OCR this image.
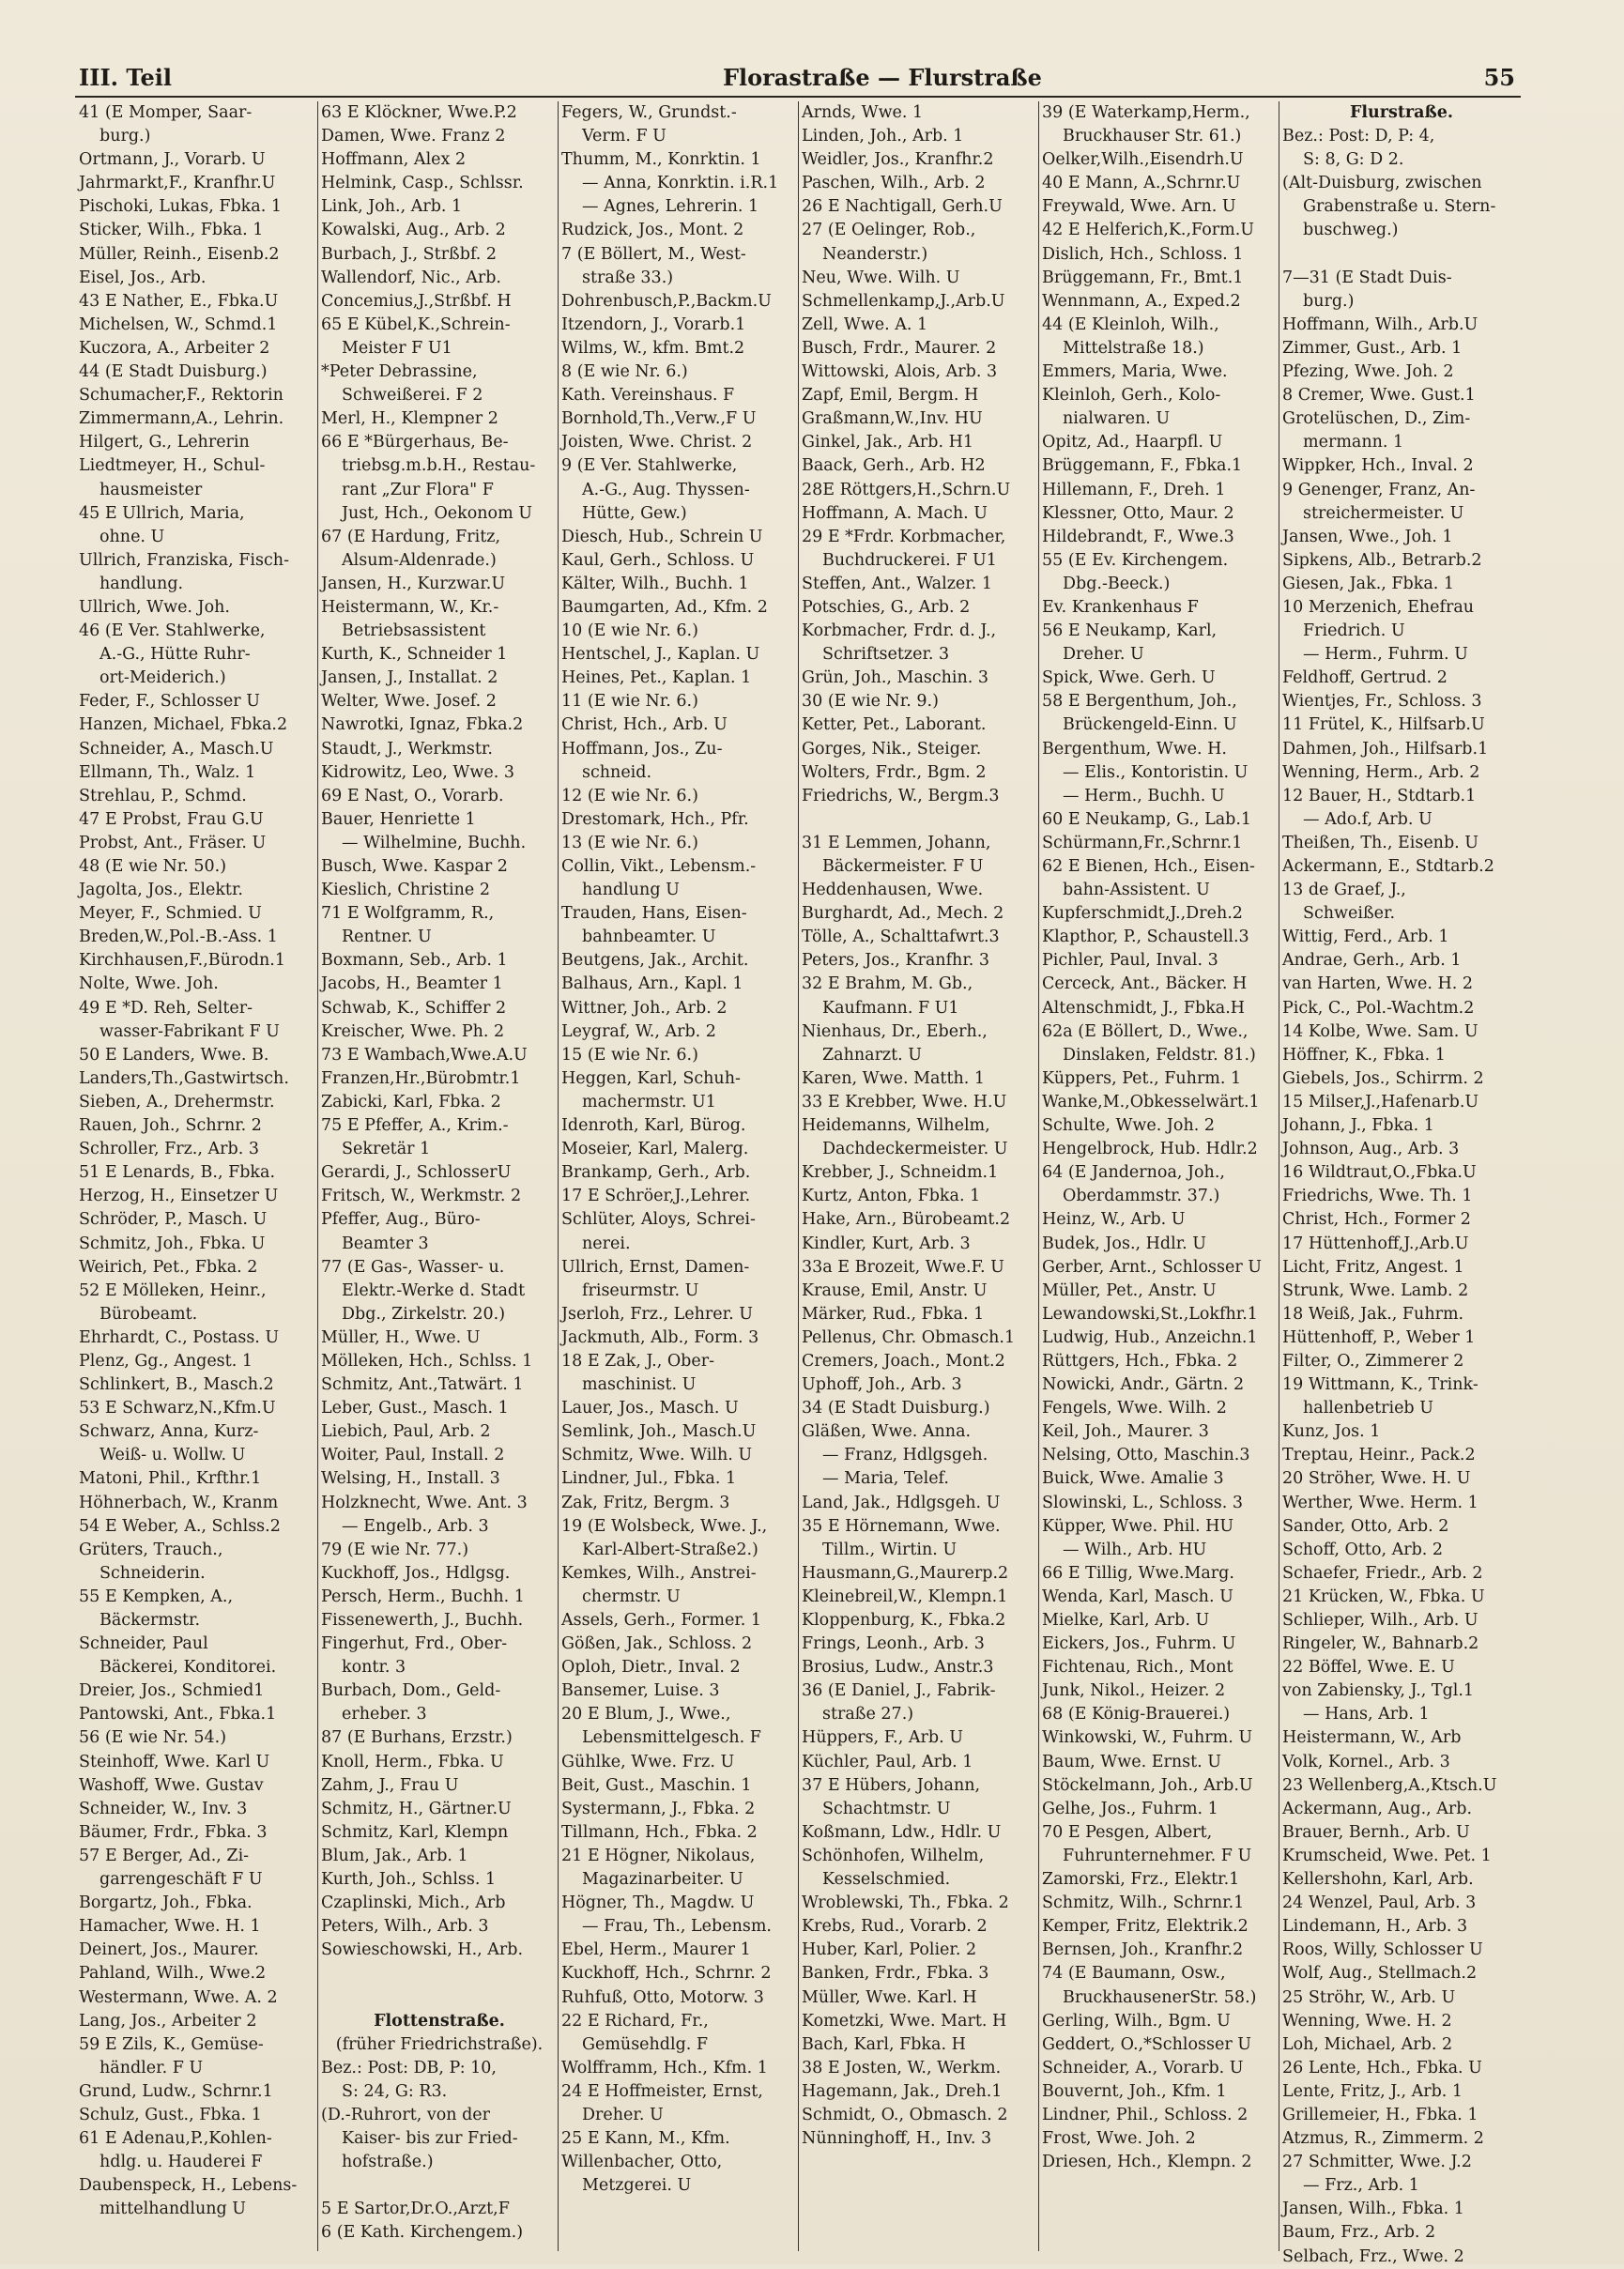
III. Teil	Florastraße — Flurstraße	55
41 (E Momper, Saar-
burg.)
Ortmann, J., Vorarb. U
Jahrmarkt,F., Kranfhr.U
Pischoki, Lukas, Fbka. 1
Sticker, Wilh., Fbka. 1
Müller, Reinh., Eisenb.2
Eisel, Jos., Arb.
43 E Nather, E., Fbka.U
Michelsen, W., Schmd.1
Kuczora, A., Arbeiter 2
44 (E Stadt Duisburg.)
Schumacher,F., Rektorin
Zimmermann,A., Lehrin.
Hilgert, G., Lehrerin
Liedtmeyer, H., Schul-
hausmeister
45 E Ullrich, Maria,
ohne. U
Ullrich, Franziska, Fisch-
handlung.
Ullrich, Wwe. Joh.
46 (E Ver. Stahlwerke,
A.-G., Hütte Ruhr-
ort-Meiderich.)
Feder, F., Schlosser U
Hanzen, Michael, Fbka.2
Schneider, A., Masch.U
Ellmann, Th., Walz. 1
Strehlau, P., Schmd.
47 E Probst, Frau G.U
Probst, Ant., Fräser. U
48 (E wie Nr. 50.)
Jagolta, Jos., Elektr.
Meyer, F., Schmied. U
Breden,W.,Pol.-B.-Ass. 1
Kirchhausen,F.,Bürodn.1
Nolte, Wwe. Joh.
49 E *D. Reh, Selter-
wasser-Fabrikant F U
50 E Landers, Wwe. B.
Landers,Th.,Gastwirtsch.
Sieben, A., Drehermstr.
Rauen, Joh., Schrnr. 2
Schroller, Frz., Arb. 3
51 E Lenards, B., Fbka.
Herzog, H., Einsetzer U
Schröder, P., Masch. U
Schmitz, Joh., Fbka. U
Weirich, Pet., Fbka. 2
52 E Mölleken, Heinr.,
Bürobeamt.
Ehrhardt, C., Postass. U
Plenz, Gg., Angest. 1
Schlinkert, B., Masch.2
53 E Schwarz,N.,Kfm.U
Schwarz, Anna, Kurz-
Weiß- u. Wollw. U
Matoni, Phil., Krfthr.1
Höhnerbach, W., Kranm
54 E Weber, A., Schlss.2
Grüters, Trauch.,
Schneiderin.
55 E Kempken, A.,
Bäckermstr.
Schneider, Paul
Bäckerei, Konditorei.
Dreier, Jos., Schmied1
Pantowski, Ant., Fbka.1
56 (E wie Nr. 54.)
Steinhoff, Wwe. Karl U
Washoff, Wwe. Gustav
Schneider, W., Inv. 3
Bäumer, Frdr., Fbka. 3
57 E Berger, Ad., Zi-
garrengeschäft F U
Borgartz, Joh., Fbka.
Hamacher, Wwe. H. 1
Deinert, Jos., Maurer.
Pahland, Wilh., Wwe.2
Westermann, Wwe. A. 2
Lang, Jos., Arbeiter 2
59 E Zils, K., Gemüse-
händler. F U
Grund, Ludw., Schrnr.1
Schulz, Gust., Fbka. 1
61 E Adenau,P.,Kohlen-
hdlg. u. Hauderei F
Daubenspeck, H., Lebens-
mittelhandlung U
63 E Klöckner, Wwe.P.2
Damen, Wwe. Franz 2
Hoffmann, Alex 2
Helmink, Casp., Schlssr.
Link, Joh., Arb. 1
Kowalski, Aug., Arb. 2
Burbach, J., Strßbf. 2
Wallendorf, Nic., Arb.
Concemius,J.,Strßbf. H
65 E Kübel,K.,Schrein-
Meister F U1
*Peter Debrassine,
Schweißerei. F 2
Merl, H., Klempner 2
66 E *Bürgerhaus, Be-
triebsg.m.b.H., Restau-
rant „Zur Flora" F
Just, Hch., Oekonom U
67 (E Hardung, Fritz,
Alsum-Aldenrade.)
Jansen, H., Kurzwar.U
Heistermann, W., Kr.-
Betriebsassistent
Kurth, K., Schneider 1
Jansen, J., Installat. 2
Welter, Wwe. Josef. 2
Nawrotki, Ignaz, Fbka.2
Staudt, J., Werkmstr.
Kidrowitz, Leo, Wwe. 3
69 E Nast, O., Vorarb.
Bauer, Henriette 1
— Wilhelmine, Buchh.
Busch, Wwe. Kaspar 2
Kieslich, Christine 2
71 E Wolfgramm, R.,
Rentner. U
Boxmann, Seb., Arb. 1
Jacobs, H., Beamter 1
Schwab, K., Schiffer 2
Kreischer, Wwe. Ph. 2
73 E Wambach,Wwe.A.U
Franzen,Hr.,Bürobmtr.1
Zabicki, Karl, Fbka. 2
75 E Pfeffer, A., Krim.-
Sekretär 1
Gerardi, J., SchlosserU
Fritsch, W., Werkmstr. 2
Pfeffer, Aug., Büro-
Beamter 3
77 (E Gas-, Wasser- u.
Elektr.-Werke d. Stadt
Dbg., Zirkelstr. 20.)
Müller, H., Wwe. U
Mölleken, Hch., Schlss. 1
Schmitz, Ant.,Tatwärt. 1
Leber, Gust., Masch. 1
Liebich, Paul, Arb. 2
Woiter, Paul, Install. 2
Welsing, H., Install. 3
Holzknecht, Wwe. Ant. 3
— Engelb., Arb. 3
79 (E wie Nr. 77.)
Kuckhoff, Jos., Hdlgsg.
Persch, Herm., Buchh. 1
Fissenewerth, J., Buchh.
Fingerhut, Frd., Ober-
kontr. 3
Burbach, Dom., Geld-
erheber. 3
87 (E Burhans, Erzstr.)
Knoll, Herm., Fbka. U
Zahm, J., Frau U
Schmitz, H., Gärtner.U
Schmitz, Karl, Klempn
Blum, Jak., Arb. 1
Kurth, Joh., Schlss. 1
Czaplinski, Mich., Arb
Peters, Wilh., Arb. 3
Sowieschowski, H., Arb.
Flottenstraße.
(früher Friedrichstraße).
Bez.: Post: DB, P: 10,
S: 24, G: R3.
(D.-Ruhrort, von der
Kaiser- bis zur Fried-
hofstraße.)
5 E Sartor,Dr.O.,Arzt,F
6 (E Kath. Kirchengem.)
Fegers, W., Grundst.-
Verm. F U
Thumm, M., Konrktin. 1
— Anna, Konrktin. i.R.1
— Agnes, Lehrerin. 1
Rudzick, Jos., Mont. 2
7 (E Böllert, M., West-
straße 33.)
Dohrenbusch,P.,Backm.U
Itzendorn, J., Vorarb.1
Wilms, W., kfm. Bmt.2
8 (E wie Nr. 6.)
Kath. Vereinshaus. F
Bornhold,Th.,Verw.,F U
Joisten, Wwe. Christ. 2
9 (E Ver. Stahlwerke,
A.-G., Aug. Thyssen-
Hütte, Gew.)
Diesch, Hub., Schrein U
Kaul, Gerh., Schloss. U
Kälter, Wilh., Buchh. 1
Baumgarten, Ad., Kfm. 2
10 (E wie Nr. 6.)
Hentschel, J., Kaplan. U
Heines, Pet., Kaplan. 1
11 (E wie Nr. 6.)
Christ, Hch., Arb. U
Hoffmann, Jos., Zu-
schneid.
12 (E wie Nr. 6.)
Drestomark, Hch., Pfr.
13 (E wie Nr. 6.)
Collin, Vikt., Lebensm.-
handlung U
Trauden, Hans, Eisen-
bahnbeamter. U
Beutgens, Jak., Archit.
Balhaus, Arn., Kapl. 1
Wittner, Joh., Arb. 2
Leygraf, W., Arb. 2
15 (E wie Nr. 6.)
Heggen, Karl, Schuh-
machermstr. U1
Idenroth, Karl, Bürog.
Moseier, Karl, Malerg.
Brankamp, Gerh., Arb.
17 E Schröer,J.,Lehrer.
Schlüter, Aloys, Schrei-
nerei.
Ullrich, Ernst, Damen-
friseurmstr. U
Jserloh, Frz., Lehrer. U
Jackmuth, Alb., Form. 3
18 E Zak, J., Ober-
maschinist. U
Lauer, Jos., Masch. U
Semlink, Joh., Masch.U
Schmitz, Wwe. Wilh. U
Lindner, Jul., Fbka. 1
Zak, Fritz, Bergm. 3
19 (E Wolsbeck, Wwe. J.,
Karl-Albert-Straße2.)
Kemkes, Wilh., Anstrei-
chermstr. U
Assels, Gerh., Former. 1
Gößen, Jak., Schloss. 2
Oploh, Dietr., Inval. 2
Bansemer, Luise. 3
20 E Blum, J., Wwe.,
Lebensmittelgesch. F
Gühlke, Wwe. Frz. U
Beit, Gust., Maschin. 1
Systermann, J., Fbka. 2
Tillmann, Hch., Fbka. 2
21 E Högner, Nikolaus,
Magazinarbeiter. U
Högner, Th., Magdw. U
— Frau, Th., Lebensm.
Ebel, Herm., Maurer 1
Kuckhoff, Hch., Schrnr. 2
Ruhfuß, Otto, Motorw. 3
22 E Richard, Fr.,
Gemüsehdlg. F
Wolfframm, Hch., Kfm. 1
24 E Hoffmeister, Ernst,
Dreher. U
25 E Kann, M., Kfm.
Willenbacher, Otto,
Metzgerei. U
Arnds, Wwe. 1
Linden, Joh., Arb. 1
Weidler, Jos., Kranfhr.2
Paschen, Wilh., Arb. 2
26 E Nachtigall, Gerh.U
27 (E Oelinger, Rob.,
Neanderstr.)
Neu, Wwe. Wilh. U
Schmellenkamp,J.,Arb.U
Zell, Wwe. A. 1
Busch, Frdr., Maurer. 2
Wittowski, Alois, Arb. 3
Zapf, Emil, Bergm. H
Graßmann,W.,Inv. HU
Ginkel, Jak., Arb. H1
Baack, Gerh., Arb. H2
28E Röttgers,H.,Schrn.U
Hoffmann, A. Mach. U
29 E *Frdr. Korbmacher,
Buchdruckerei. F U1
Steffen, Ant., Walzer. 1
Potschies, G., Arb. 2
Korbmacher, Frdr. d. J.,
Schriftsetzer. 3
Grün, Joh., Maschin. 3
30 (E wie Nr. 9.)
Ketter, Pet., Laborant.
Gorges, Nik., Steiger.
Wolters, Frdr., Bgm. 2
Friedrichs, W., Bergm.3
31 E Lemmen, Johann,
Bäckermeister. F U
Heddenhausen, Wwe.
Burghardt, Ad., Mech. 2
Tölle, A., Schalttafwrt.3
Peters, Jos., Kranfhr. 3
32 E Brahm, M. Gb.,
Kaufmann. F U1
Nienhaus, Dr., Eberh.,
Zahnarzt. U
Karen, Wwe. Matth. 1
33 E Krebber, Wwe. H.U
Heidemanns, Wilhelm,
Dachdeckermeister. U
Krebber, J., Schneidm.1
Kurtz, Anton, Fbka. 1
Hake, Arn., Bürobeamt.2
Kindler, Kurt, Arb. 3
33a E Brozeit, Wwe.F. U
Krause, Emil, Anstr. U
Märker, Rud., Fbka. 1
Pellenus, Chr. Obmasch.1
Cremers, Joach., Mont.2
Uphoff, Joh., Arb. 3
34 (E Stadt Duisburg.)
Gläßen, Wwe. Anna.
— Franz, Hdlgsgeh.
— Maria, Telef.
Land, Jak., Hdlgsgeh. U
35 E Hörnemann, Wwe.
Tillm., Wirtin. U
Hausmann,G.,Maurerp.2
Kleinebreil,W., Klempn.1
Kloppenburg, K., Fbka.2
Frings, Leonh., Arb. 3
Brosius, Ludw., Anstr.3
36 (E Daniel, J., Fabrik-
straße 27.)
Hüppers, F., Arb. U
Küchler, Paul, Arb. 1
37 E Hübers, Johann,
Schachtmstr. U
Koßmann, Ldw., Hdlr. U
Schönhofen, Wilhelm,
Kesselschmied.
Wroblewski, Th., Fbka. 2
Krebs, Rud., Vorarb. 2
Huber, Karl, Polier. 2
Banken, Frdr., Fbka. 3
Müller, Wwe. Karl. H
Kometzki, Wwe. Mart. H
Bach, Karl, Fbka. H
38 E Josten, W., Werkm.
Hagemann, Jak., Dreh.1
Schmidt, O., Obmasch. 2
Nünninghoff, H., Inv. 3
39 (E Waterkamp,Herm.,
Bruckhauser Str. 61.)
Oelker,Wilh.,Eisendrh.U
40 E Mann, A.,Schrnr.U
Freywald, Wwe. Arn. U
42 E Helferich,K.,Form.U
Dislich, Hch., Schloss. 1
Brüggemann, Fr., Bmt.1
Wennmann, A., Exped.2
44 (E Kleinloh, Wilh.,
Mittelstraße 18.)
Emmers, Maria, Wwe.
Kleinloh, Gerh., Kolo-
nialwaren. U
Opitz, Ad., Haarpfl. U
Brüggemann, F., Fbka.1
Hillemann, F., Dreh. 1
Klessner, Otto, Maur. 2
Hildebrandt, F., Wwe.3
55 (E Ev. Kirchengem.
Dbg.-Beeck.)
Ev. Krankenhaus F
56 E Neukamp, Karl,
Dreher. U
Spick, Wwe. Gerh. U
58 E Bergenthum, Joh.,
Brückengeld-Einn. U
Bergenthum, Wwe. H.
— Elis., Kontoristin. U
— Herm., Buchh. U
60 E Neukamp, G., Lab.1
Schürmann,Fr.,Schrnr.1
62 E Bienen, Hch., Eisen-
bahn-Assistent. U
Kupferschmidt,J.,Dreh.2
Klapthor, P., Schaustell.3
Pichler, Paul, Inval. 3
Cerceck, Ant., Bäcker. H
Altenschmidt, J., Fbka.H
62a (E Böllert, D., Wwe.,
Dinslaken, Feldstr. 81.)
Küppers, Pet., Fuhrm. 1
Wanke,M.,Obkesselwärt.1
Schulte, Wwe. Joh. 2
Hengelbrock, Hub. Hdlr.2
64 (E Jandernoa, Joh.,
Oberdammstr. 37.)
Heinz, W., Arb. U
Budek, Jos., Hdlr. U
Gerber, Arnt., Schlosser U
Müller, Pet., Anstr. U
Lewandowski,St.,Lokfhr.1
Ludwig, Hub., Anzeichn.1
Rüttgers, Hch., Fbka. 2
Nowicki, Andr., Gärtn. 2
Fengels, Wwe. Wilh. 2
Keil, Joh., Maurer. 3
Nelsing, Otto, Maschin.3
Buick, Wwe. Amalie 3
Slowinski, L., Schloss. 3
Küpper, Wwe. Phil. HU
— Wilh., Arb. HU
66 E Tillig, Wwe.Marg.
Wenda, Karl, Masch. U
Mielke, Karl, Arb. U
Eickers, Jos., Fuhrm. U
Fichtenau, Rich., Mont
Junk, Nikol., Heizer. 2
68 (E König-Brauerei.)
Winkowski, W., Fuhrm. U
Baum, Wwe. Ernst. U
Stöckelmann, Joh., Arb.U
Gelhe, Jos., Fuhrm. 1
70 E Pesgen, Albert,
Fuhrunternehmer. F U
Zamorski, Frz., Elektr.1
Schmitz, Wilh., Schrnr.1
Kemper, Fritz, Elektrik.2
Bernsen, Joh., Kranfhr.2
74 (E Baumann, Osw.,
BruckhausenerStr. 58.)
Gerling, Wilh., Bgm. U
Geddert, O.,*Schlosser U
Schneider, A., Vorarb. U
Bouvernt, Joh., Kfm. 1
Lindner, Phil., Schloss. 2
Frost, Wwe. Joh. 2
Driesen, Hch., Klempn. 2
Flurstraße.
Bez.: Post: D, P: 4,
S: 8, G: D 2.
(Alt-Duisburg, zwischen
Grabenstraße u. Stern-
buschweg.)
7—31 (E Stadt Duis-
burg.)
Hoffmann, Wilh., Arb.U
Zimmer, Gust., Arb. 1
Pfezing, Wwe. Joh. 2
8 Cremer, Wwe. Gust.1
Grotelüschen, D., Zim-
mermann. 1
Wippker, Hch., Inval. 2
9 Genenger, Franz, An-
streichermeister. U
Jansen, Wwe., Joh. 1
Sipkens, Alb., Betrarb.2
Giesen, Jak., Fbka. 1
10 Merzenich, Ehefrau
Friedrich. U
— Herm., Fuhrm. U
Feldhoff, Gertrud. 2
Wientjes, Fr., Schloss. 3
11 Frütel, K., Hilfsarb.U
Dahmen, Joh., Hilfsarb.1
Wenning, Herm., Arb. 2
12 Bauer, H., Stdtarb.1
— Ado.f, Arb. U
Theißen, Th., Eisenb. U
Ackermann, E., Stdtarb.2
13 de Graef, J.,
Schweißer.
Wittig, Ferd., Arb. 1
Andrae, Gerh., Arb. 1
van Harten, Wwe. H. 2
Pick, C., Pol.-Wachtm.2
14 Kolbe, Wwe. Sam. U
Höffner, K., Fbka. 1
Giebels, Jos., Schirrm. 2
15 Milser,J.,Hafenarb.U
Johann, J., Fbka. 1
Johnson, Aug., Arb. 3
16 Wildtraut,O.,Fbka.U
Friedrichs, Wwe. Th. 1
Christ, Hch., Former 2
17 Hüttenhoff,J.,Arb.U
Licht, Fritz, Angest. 1
Strunk, Wwe. Lamb. 2
18 Weiß, Jak., Fuhrm.
Hüttenhoff, P., Weber 1
Filter, O., Zimmerer 2
19 Wittmann, K., Trink-
hallenbetrieb U
Kunz, Jos. 1
Treptau, Heinr., Pack.2
20 Ströher, Wwe. H. U
Werther, Wwe. Herm. 1
Sander, Otto, Arb. 2
Schoff, Otto, Arb. 2
Schaefer, Friedr., Arb. 2
21 Krücken, W., Fbka. U
Schlieper, Wilh., Arb. U
Ringeler, W., Bahnarb.2
22 Böffel, Wwe. E. U
von Zabiensky, J., Tgl.1
— Hans, Arb. 1
Heistermann, W., Arb
Volk, Kornel., Arb. 3
23 Wellenberg,A.,Ktsch.U
Ackermann, Aug., Arb.
Brauer, Bernh., Arb. U
Krumscheid, Wwe. Pet. 1
Kellershohn, Karl, Arb.
24 Wenzel, Paul, Arb. 3
Lindemann, H., Arb. 3
Roos, Willy, Schlosser U
Wolf, Aug., Stellmach.2
25 Ströhr, W., Arb. U
Wenning, Wwe. H. 2
Loh, Michael, Arb. 2
26 Lente, Hch., Fbka. U
Lente, Fritz, J., Arb. 1
Grillemeier, H., Fbka. 1
Atzmus, R., Zimmerm. 2
27 Schmitter, Wwe. J.2
— Frz., Arb. 1
Jansen, Wilh., Fbka. 1
Baum, Frz., Arb. 2
Selbach, Frz., Wwe. 2
